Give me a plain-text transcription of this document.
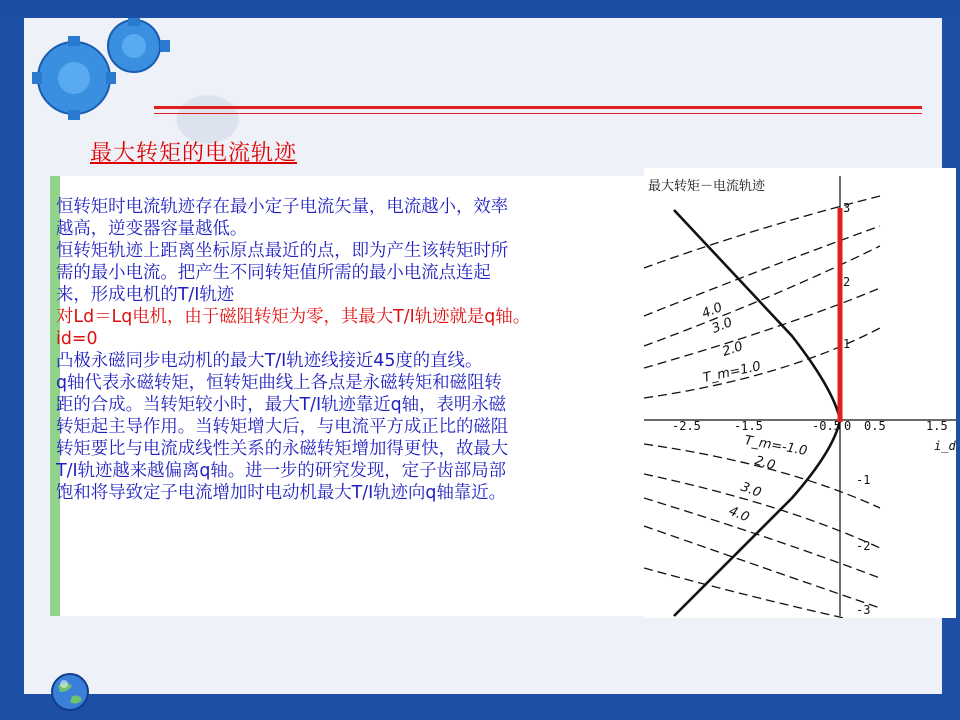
最大转矩的电流轨迹
恒转矩时电流轨迹存在最小定子电流矢量，电流越小，效率
越高，逆变器容量越低。
恒转矩轨迹上距离坐标原点最近的点，即为产生该转矩时所
需的最小电流。把产生不同转矩值所需的最小电流点连起
来，形成电机的T/I轨迹
对Ld＝Lq电机，由于磁阻转矩为零，其最大T/I轨迹就是q轴。
id=0
凸极永磁同步电动机的最大T/I轨迹线接近45度的直线。
q轴代表永磁转矩，恒转矩曲线上各点是永磁转矩和磁阻转
距的合成。当转矩较小时，最大T/I轨迹靠近q轴，表明永磁
转矩起主导作用。当转矩增大后，与电流平方成正比的磁阻
转矩要比与电流成线性关系的永磁转矩增加得更快，故最大
T/I轨迹越来越偏离q轴。进一步的研究发现，定子齿部局部
饱和将导致定子电流增加时电动机最大T/I轨迹向q轴靠近。
最大转矩－电流轨迹
-2.5	-1.5	-0.5 0 0.5	1.5
i_d
3
2
1
-1
-2
-3
4.0
3.0
2.0
T_m=1.0
T_m=-1.0
2.0
3.0
4.0
